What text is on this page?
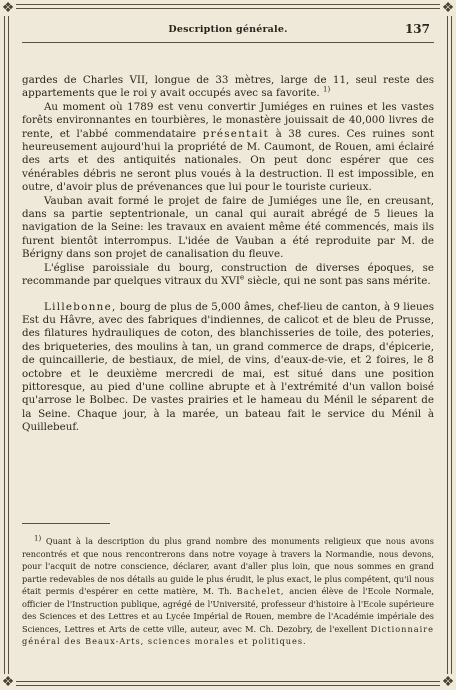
❖	❖
❖	❖
Description générale.	137

gardes de Charles VII, longue de 33 mètres, large de 11, seul reste des appartements que le roi y avait occupés avec sa favorite. $^{1)}$

Au moment où 1789 est venu convertir Jumiéges en ruines et les vastes forêts environnantes en tourbières, le monastère jouissait de 40,000 livres de rente, et l'abbé commendataire présentait à 38 cures. Ces ruines sont heureusement aujourd'hui la propriété de M. Caumont, de Rouen, ami éclairé des arts et des antiquités nationales. On peut donc espérer que ces vénérables débris ne seront plus voués à la destruction. Il est impossible, en outre, d'avoir plus de prévenances que lui pour le touriste curieux.

Vauban avait formé le projet de faire de Jumiéges une île, en creusant, dans sa partie septentrionale, un canal qui aurait abrégé de 5 lieues la navigation de la Seine: les travaux en avaient même été commencés, mais ils furent bientôt interrompus. L'idée de Vauban a été reproduite par M. de Bérigny dans son projet de canalisation du fleuve.

L'église paroissiale du bourg, construction de diverses époques, se recommande par quelques vitraux du XVIe siècle, qui ne sont pas sans mérite.

Lillebonne, bourg de plus de 5,000 âmes, chef-lieu de canton, à 9 lieues Est du Hâvre, avec des fabriques d'indiennes, de calicot et de bleu de Prusse, des filatures hydrauliques de coton, des blanchisseries de toile, des poteries, des briqueteries, des moulins à tan, un grand commerce de draps, d'épicerie, de quincaillerie, de bestiaux, de miel, de vins, d'eaux-de-vie, et 2 foires, le 8 octobre et le deuxième mercredi de mai, est situé dans une position pittoresque, au pied d'une colline abrupte et à l'extrémité d'un vallon boisé qu'arrose le Bolbec. De vastes prairies et le hameau du Ménil le séparent de la Seine. Chaque jour, à la marée, un bateau fait le service du Ménil à Quillebeuf.

$^{1)}$ Quant à la description du plus grand nombre des monuments religieux que nous avons rencontrés et que nous rencontrerons dans notre voyage à travers la Normandie, nous devons, pour l'acquit de notre conscience, déclarer, avant d'aller plus loin, que nous sommes en grand partie redevables de nos détails au guide le plus érudit, le plus exact, le plus compétent, qu'il nous était permis d'espérer en cette matière, M. Th. Bachelet, ancien élève de l'Ecole Normale, officier de l'Instruction publique, agrégé de l'Université, professeur d'histoire à l'Ecole supérieure des Sciences et des Lettres et au Lycée Impérial de Rouen, membre de l'Académie impériale des Sciences, Lettres et Arts de cette ville, auteur, avec M. Ch. Dezobry, de l'exellent Dictionnaire général des Beaux-Arts, sciences morales et politiques.
